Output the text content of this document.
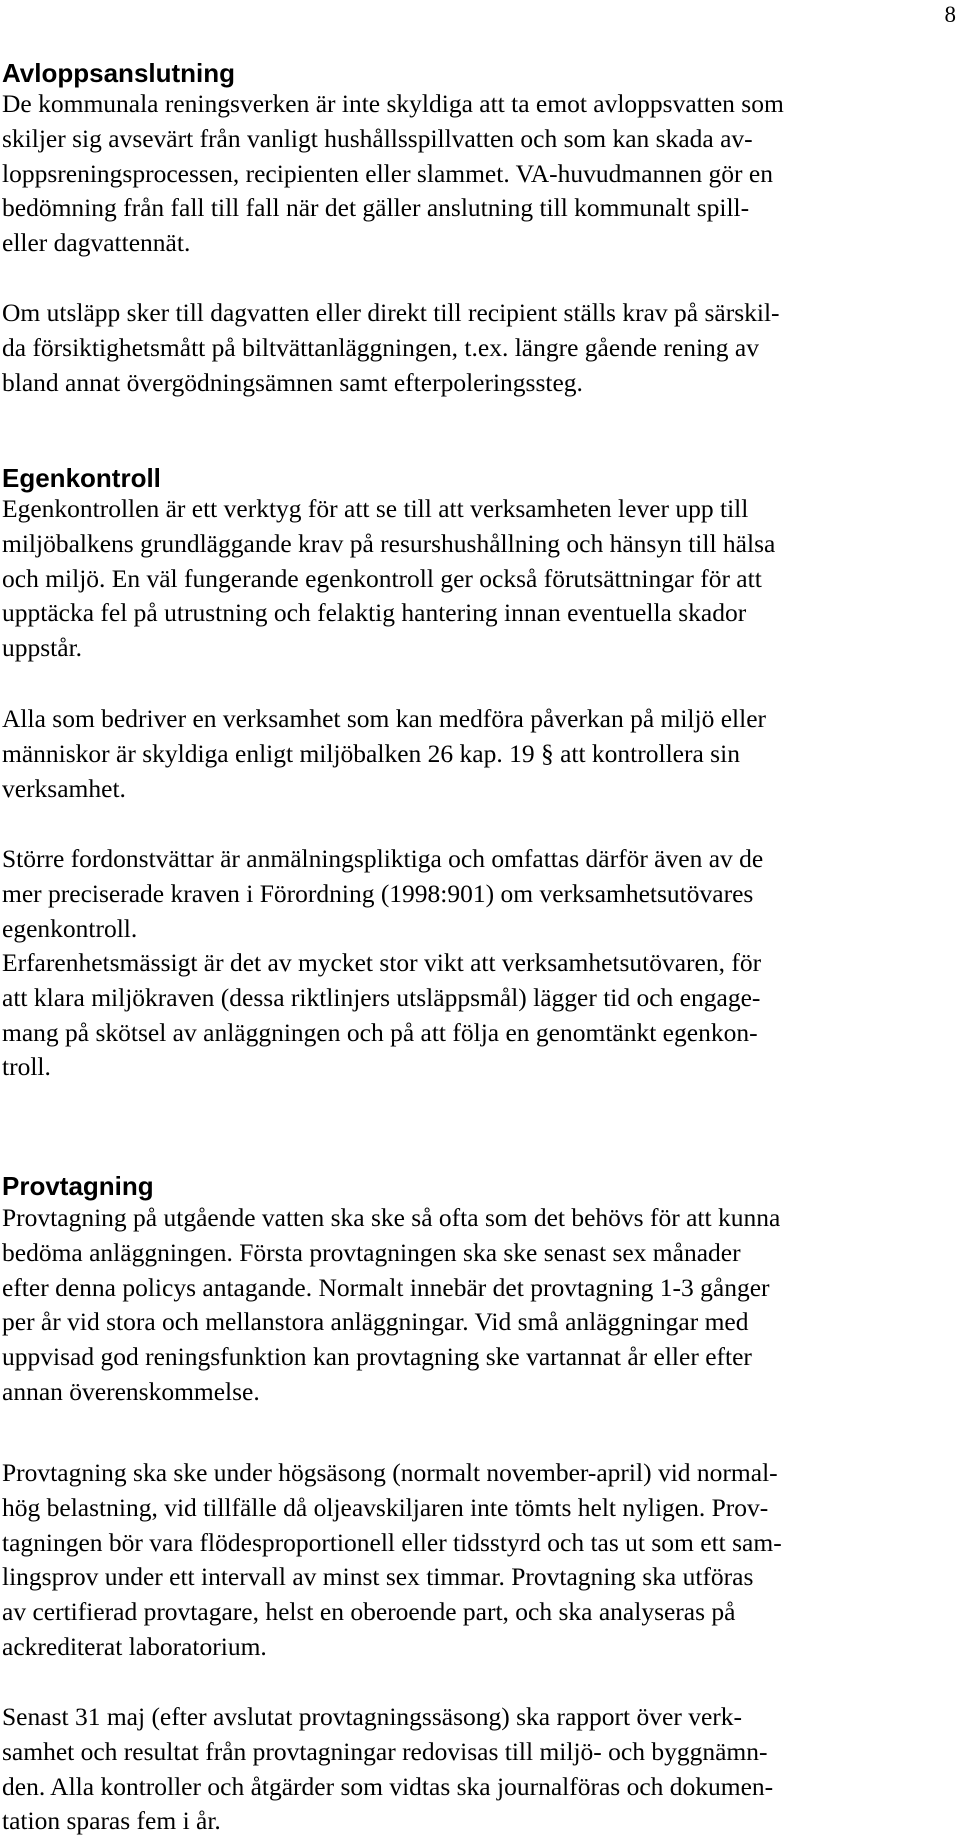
8
Avloppsanslutning

De kommunala reningsverken är inte skyldiga att ta emot avloppsvatten som
skiljer sig avsevärt från vanligt hushållsspillvatten och som kan skada av-
loppsreningsprocessen, recipienten eller slammet. VA-huvudmannen gör en
bedömning från fall till fall när det gäller anslutning till kommunalt spill-
eller dagvattennät.

Om utsläpp sker till dagvatten eller direkt till recipient ställs krav på särskil-
da försiktighetsmått på biltvättanläggningen, t.ex. längre gående rening av
bland annat övergödningsämnen samt efterpoleringssteg.

Egenkontroll

Egenkontrollen är ett verktyg för att se till att verksamheten lever upp till
miljöbalkens grundläggande krav på resurshushållning och hänsyn till hälsa
och miljö. En väl fungerande egenkontroll ger också förutsättningar för att
upptäcka fel på utrustning och felaktig hantering innan eventuella skador
uppstår.

Alla som bedriver en verksamhet som kan medföra påverkan på miljö eller
människor är skyldiga enligt miljöbalken 26 kap. 19 § att kontrollera sin
verksamhet.

Större fordonstvättar är anmälningspliktiga och omfattas därför även av de
mer preciserade kraven i Förordning (1998:901) om verksamhetsutövares
egenkontroll.

Erfarenhetsmässigt är det av mycket stor vikt att verksamhetsutövaren, för
att klara miljökraven (dessa riktlinjers utsläppsmål) lägger tid och engage-
mang på skötsel av anläggningen och på att följa en genomtänkt egenkon-
troll.

Provtagning

Provtagning på utgående vatten ska ske så ofta som det behövs för att kunna
bedöma anläggningen. Första provtagningen ska ske senast sex månader
efter denna policys antagande. Normalt innebär det provtagning 1-3 gånger
per år vid stora och mellanstora anläggningar. Vid små anläggningar med
uppvisad god reningsfunktion kan provtagning ske vartannat år eller efter
annan överenskommelse.

Provtagning ska ske under högsäsong (normalt november-april) vid normal-
hög belastning, vid tillfälle då oljeavskiljaren inte tömts helt nyligen. Prov-
tagningen bör vara flödesproportionell eller tidsstyrd och tas ut som ett sam-
lingsprov under ett intervall av minst sex timmar. Provtagning ska utföras
av certifierad provtagare, helst en oberoende part, och ska analyseras på
ackrediterat laboratorium.

Senast 31 maj (efter avslutat provtagningssäsong) ska rapport över verk-
samhet och resultat från provtagningar redovisas till miljö- och byggnämn-
den. Alla kontroller och åtgärder som vidtas ska journalföras och dokumen-
tation sparas fem i år.
